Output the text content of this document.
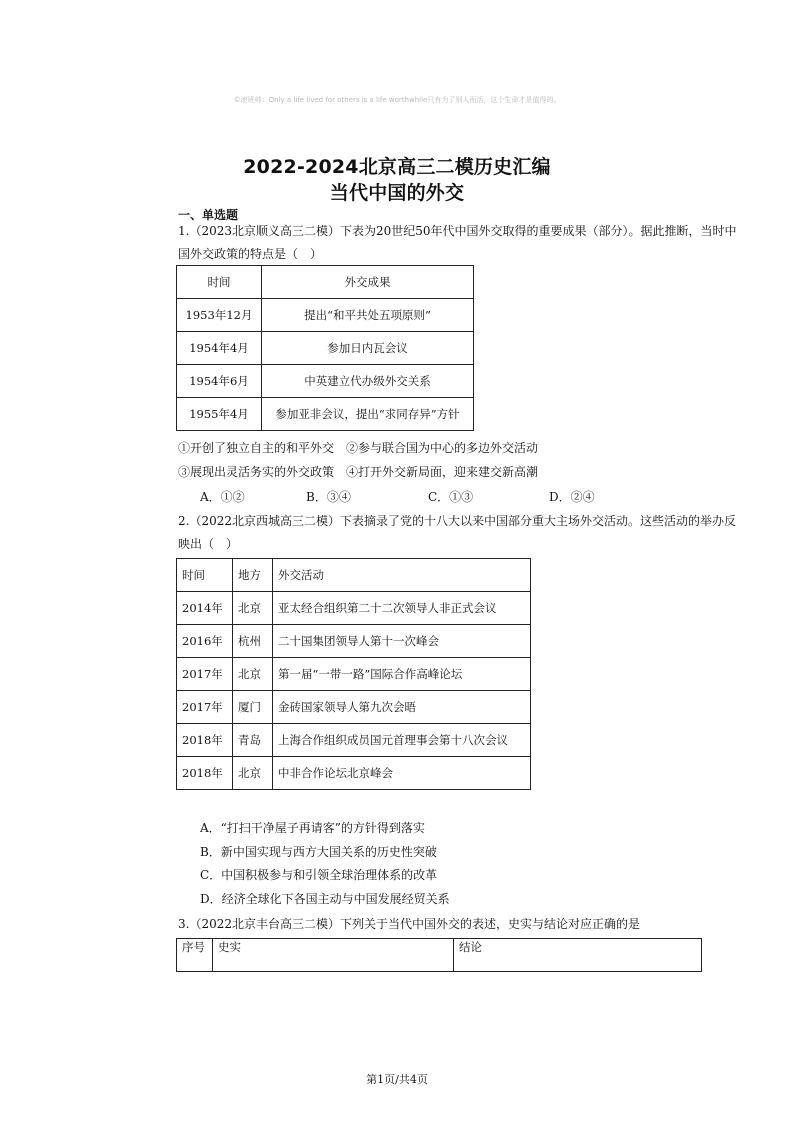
©滚班帅：Only a life lived for others is a life worthwhile只有为了别人而活，这个生命才是值得的。
2022-2024北京高三二模历史汇编
当代中国的外交
一、单选题
1.（2023北京顺义高三二模）下表为20世纪50年代中国外交取得的重要成果（部分）。据此推断，当时中
国外交政策的特点是（　）
时间	外交成果
1953年12月	提出“和平共处五项原则”
1954年4月	参加日内瓦会议
1954年6月	中英建立代办级外交关系
1955年4月	参加亚非会议，提出“求同存异”方针
①开创了独立自主的和平外交　②参与联合国为中心的多边外交活动
③展现出灵活务实的外交政策　④打开外交新局面，迎来建交新高潮
A．①②	B．③④	C．①③	D．②④
2.（2022北京西城高三二模）下表摘录了党的十八大以来中国部分重大主场外交活动。这些活动的举办反
映出（　）
时间	地方	外交活动
2014年	北京	亚太经合组织第二十二次领导人非正式会议
2016年	杭州	二十国集团领导人第十一次峰会
2017年	北京	第一届“一带一路”国际合作高峰论坛
2017年	厦门	金砖国家领导人第九次会晤
2018年	青岛	上海合作组织成员国元首理事会第十八次会议
2018年	北京	中非合作论坛北京峰会
A．“打扫干净屋子再请客”的方针得到落实
B．新中国实现与西方大国关系的历史性突破
C．中国积极参与和引领全球治理体系的改革
D．经济全球化下各国主动与中国发展经贸关系
3.（2022北京丰台高三二模）下列关于当代中国外交的表述，史实与结论对应正确的是
序号	史实	结论
第1页/共4页
